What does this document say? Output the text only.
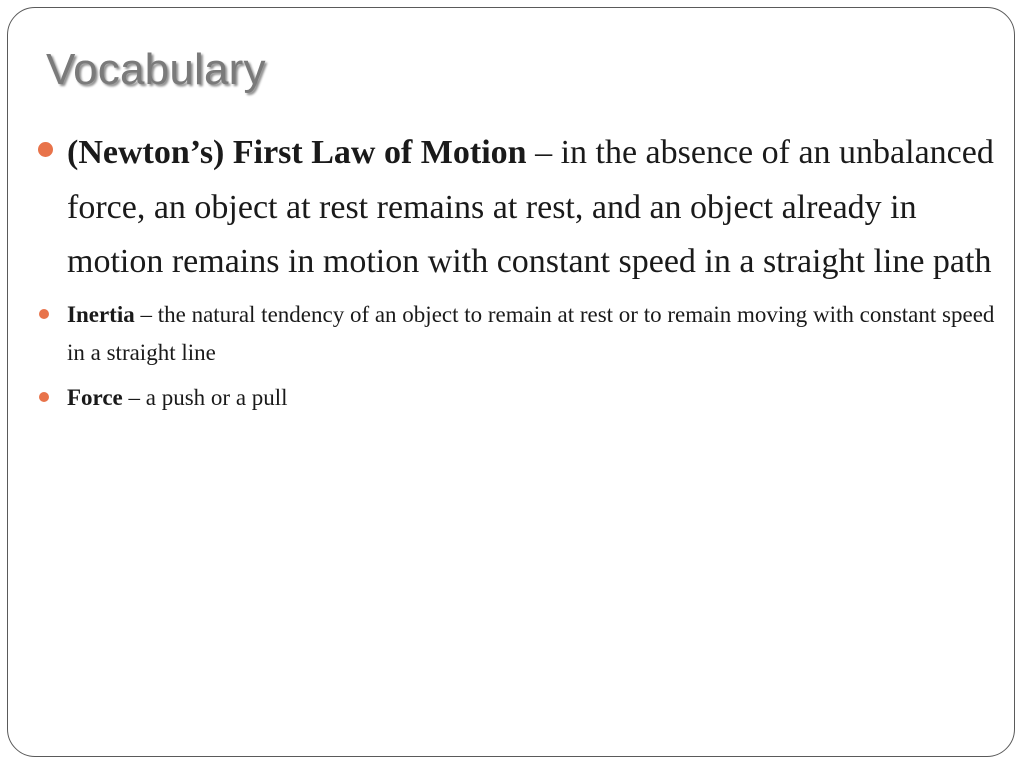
Vocabulary
(Newton’s) First Law of Motion – in the absence of an unbalanced force, an object at rest remains at rest, and an object already in motion remains in motion with constant speed in a straight line path
Inertia – the natural tendency of an object to remain at rest or to remain moving with constant speed in a straight line
Force – a push or a pull
